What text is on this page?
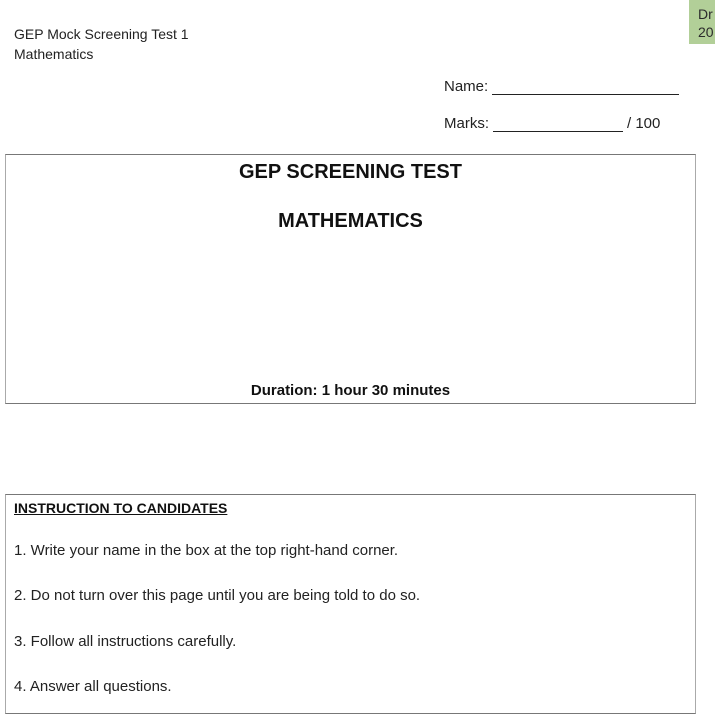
GEP Mock Screening Test 1
Mathematics
Dr
20
Name:
Marks:	/ 100
GEP SCREENING TEST
MATHEMATICS
Duration: 1 hour 30 minutes
INSTRUCTION TO CANDIDATES
1. Write your name in the box at the top right-hand corner.
2. Do not turn over this page until you are being told to do so.
3. Follow all instructions carefully.
4. Answer all questions.
